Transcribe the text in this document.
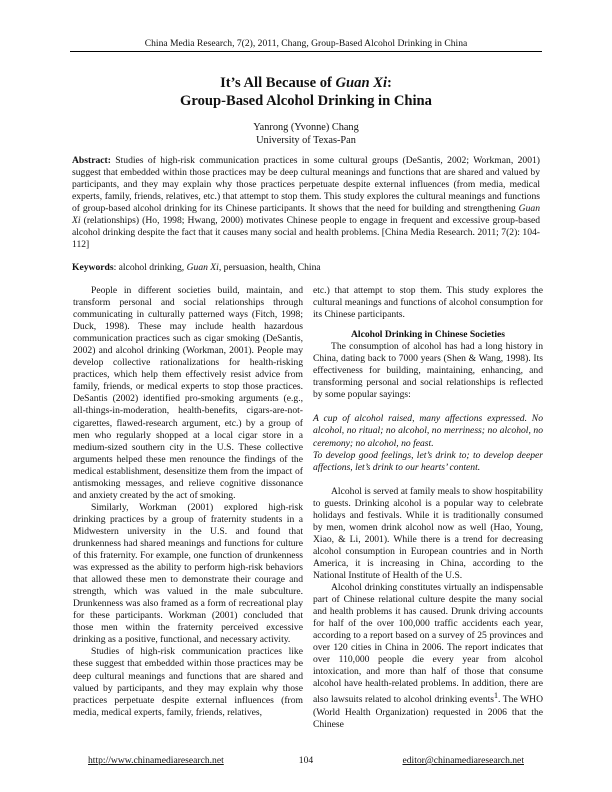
China Media Research, 7(2), 2011, Chang, Group-Based Alcohol Drinking in China
It’s All Because of Guan Xi:
Group-Based Alcohol Drinking in China
Yanrong (Yvonne) Chang
University of Texas-Pan
Abstract: Studies of high-risk communication practices in some cultural groups (DeSantis, 2002; Workman, 2001) suggest that embedded within those practices may be deep cultural meanings and functions that are shared and valued by participants, and they may explain why those practices perpetuate despite external influences (from media, medical experts, family, friends, relatives, etc.) that attempt to stop them. This study explores the cultural meanings and functions of group-based alcohol drinking for its Chinese participants. It shows that the need for building and strengthening Guan Xi (relationships) (Ho, 1998; Hwang, 2000) motivates Chinese people to engage in frequent and excessive group-based alcohol drinking despite the fact that it causes many social and health problems. [China Media Research. 2011; 7(2): 104-112]
Keywords: alcohol drinking, Guan Xi, persuasion, health, China

People in different societies build, maintain, and transform personal and social relationships through communicating in culturally patterned ways (Fitch, 1998; Duck, 1998). These may include health hazardous communication practices such as cigar smoking (DeSantis, 2002) and alcohol drinking (Workman, 2001). People may develop collective rationalizations for health-risking practices, which help them effectively resist advice from family, friends, or medical experts to stop those practices. DeSantis (2002) identified pro-smoking arguments (e.g., all-things-in-moderation, health-benefits, cigars-are-not-cigarettes, flawed-research argument, etc.) by a group of men who regularly shopped at a local cigar store in a medium-sized southern city in the U.S. These collective arguments helped these men renounce the findings of the medical establishment, desensitize them from the impact of antismoking messages, and relieve cognitive dissonance and anxiety created by the act of smoking.

Similarly, Workman (2001) explored high-risk drinking practices by a group of fraternity students in a Midwestern university in the U.S. and found that drunkenness had shared meanings and functions for culture of this fraternity. For example, one function of drunkenness was expressed as the ability to perform high-risk behaviors that allowed these men to demonstrate their courage and strength, which was valued in the male subculture. Drunkenness was also framed as a form of recreational play for these participants. Workman (2001) concluded that those men within the fraternity perceived excessive drinking as a positive, functional, and necessary activity.

Studies of high-risk communication practices like these suggest that embedded within those practices may be deep cultural meanings and functions that are shared and valued by participants, and they may explain why those practices perpetuate despite external influences (from media, medical experts, family, friends, relatives,

etc.) that attempt to stop them. This study explores the cultural meanings and functions of alcohol consumption for its Chinese participants.

Alcohol Drinking in Chinese Societies

The consumption of alcohol has had a long history in China, dating back to 7000 years (Shen & Wang, 1998). Its effectiveness for building, maintaining, enhancing, and transforming personal and social relationships is reflected by some popular sayings:

A cup of alcohol raised, many affections expressed. No alcohol, no ritual; no alcohol, no merriness; no alcohol, no ceremony; no alcohol, no feast.

To develop good feelings, let’s drink to; to develop deeper affections, let’s drink to our hearts’ content.

Alcohol is served at family meals to show hospitability to guests. Drinking alcohol is a popular way to celebrate holidays and festivals. While it is traditionally consumed by men, women drink alcohol now as well (Hao, Young, Xiao, & Li, 2001). While there is a trend for decreasing alcohol consumption in European countries and in North America, it is increasing in China, according to the National Institute of Health of the U.S.

Alcohol drinking constitutes virtually an indispensable part of Chinese relational culture despite the many social and health problems it has caused. Drunk driving accounts for half of the over 100,000 traffic accidents each year, according to a report based on a survey of 25 provinces and over 120 cities in China in 2006. The report indicates that over 110,000 people die every year from alcohol intoxication, and more than half of those that consume alcohol have health-related problems. In addition, there are also lawsuits related to alcohol drinking events$^1$. The WHO (World Health Organization) requested in 2006 that the Chinese

http://www.chinamediaresearch.net	104	editor@chinamediaresearch.net
